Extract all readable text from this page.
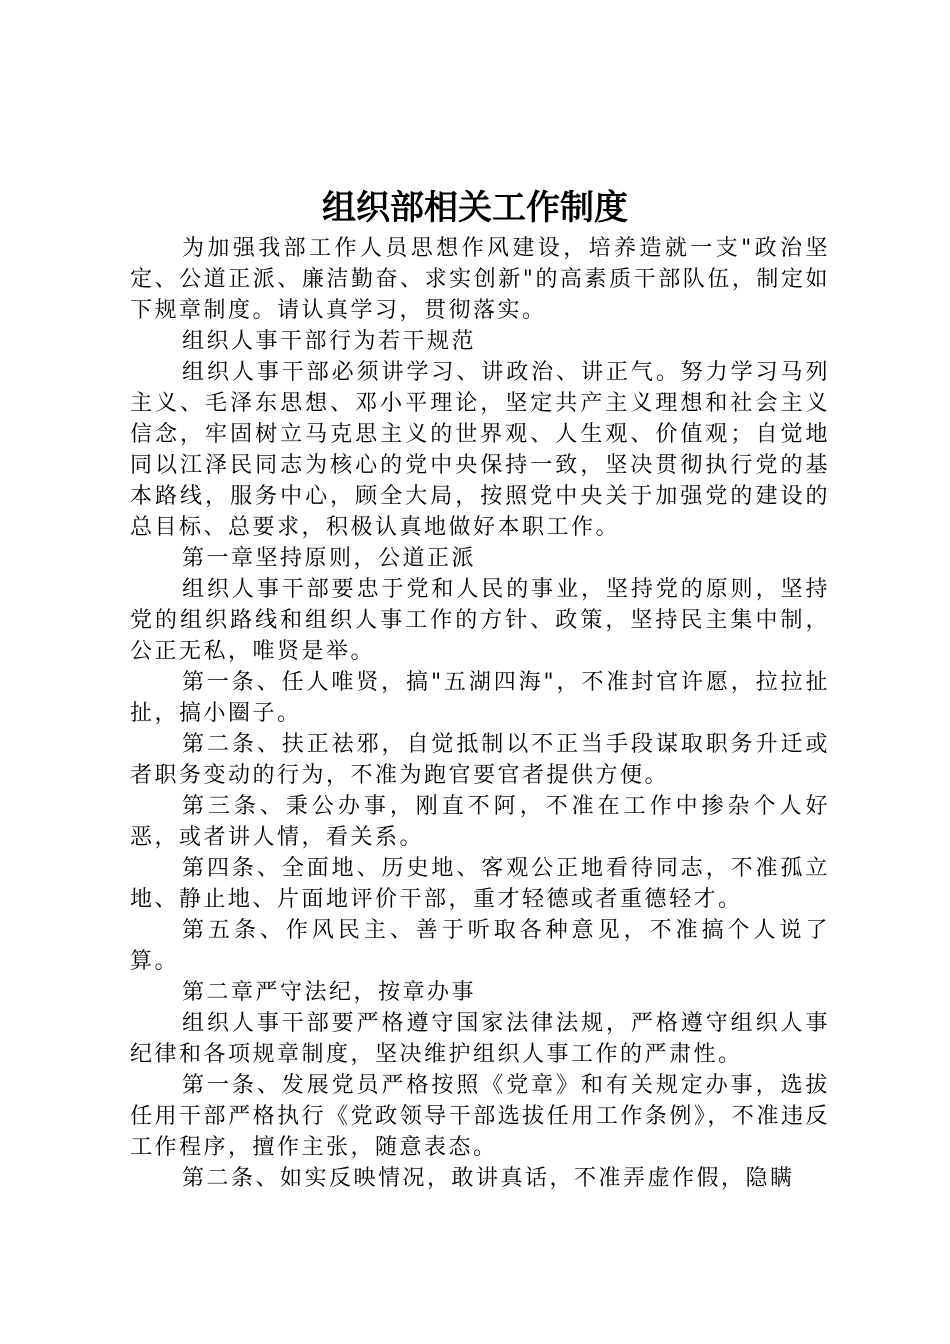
组织部相关工作制度

为加强我部工作人员思想作风建设，培养造就一支"政治坚定、公道正派、廉洁勤奋、求实创新"的高素质干部队伍，制定如下规章制度。请认真学习，贯彻落实。

组织人事干部行为若干规范

组织人事干部必须讲学习、讲政治、讲正气。努力学习马列主义、毛泽东思想、邓小平理论，坚定共产主义理想和社会主义信念，牢固树立马克思主义的世界观、人生观、价值观；自觉地同以江泽民同志为核心的党中央保持一致，坚决贯彻执行党的基本路线，服务中心，顾全大局，按照党中央关于加强党的建设的总目标、总要求，积极认真地做好本职工作。

第一章坚持原则，公道正派

组织人事干部要忠于党和人民的事业，坚持党的原则，坚持党的组织路线和组织人事工作的方针、政策，坚持民主集中制，公正无私，唯贤是举。

第一条、任人唯贤，搞"五湖四海"，不准封官许愿，拉拉扯扯，搞小圈子。

第二条、扶正祛邪，自觉抵制以不正当手段谋取职务升迁或者职务变动的行为，不准为跑官要官者提供方便。

第三条、秉公办事，刚直不阿，不准在工作中掺杂个人好恶，或者讲人情，看关系。

第四条、全面地、历史地、客观公正地看待同志，不准孤立地、静止地、片面地评价干部，重才轻德或者重德轻才。

第五条、作风民主、善于听取各种意见，不准搞个人说了算。

第二章严守法纪，按章办事

组织人事干部要严格遵守国家法律法规，严格遵守组织人事纪律和各项规章制度，坚决维护组织人事工作的严肃性。

第一条、发展党员严格按照《党章》和有关规定办事，选拔任用干部严格执行《党政领导干部选拔任用工作条例》，不准违反工作程序，擅作主张，随意表态。

第二条、如实反映情况，敢讲真话，不准弄虚作假，隐瞒
